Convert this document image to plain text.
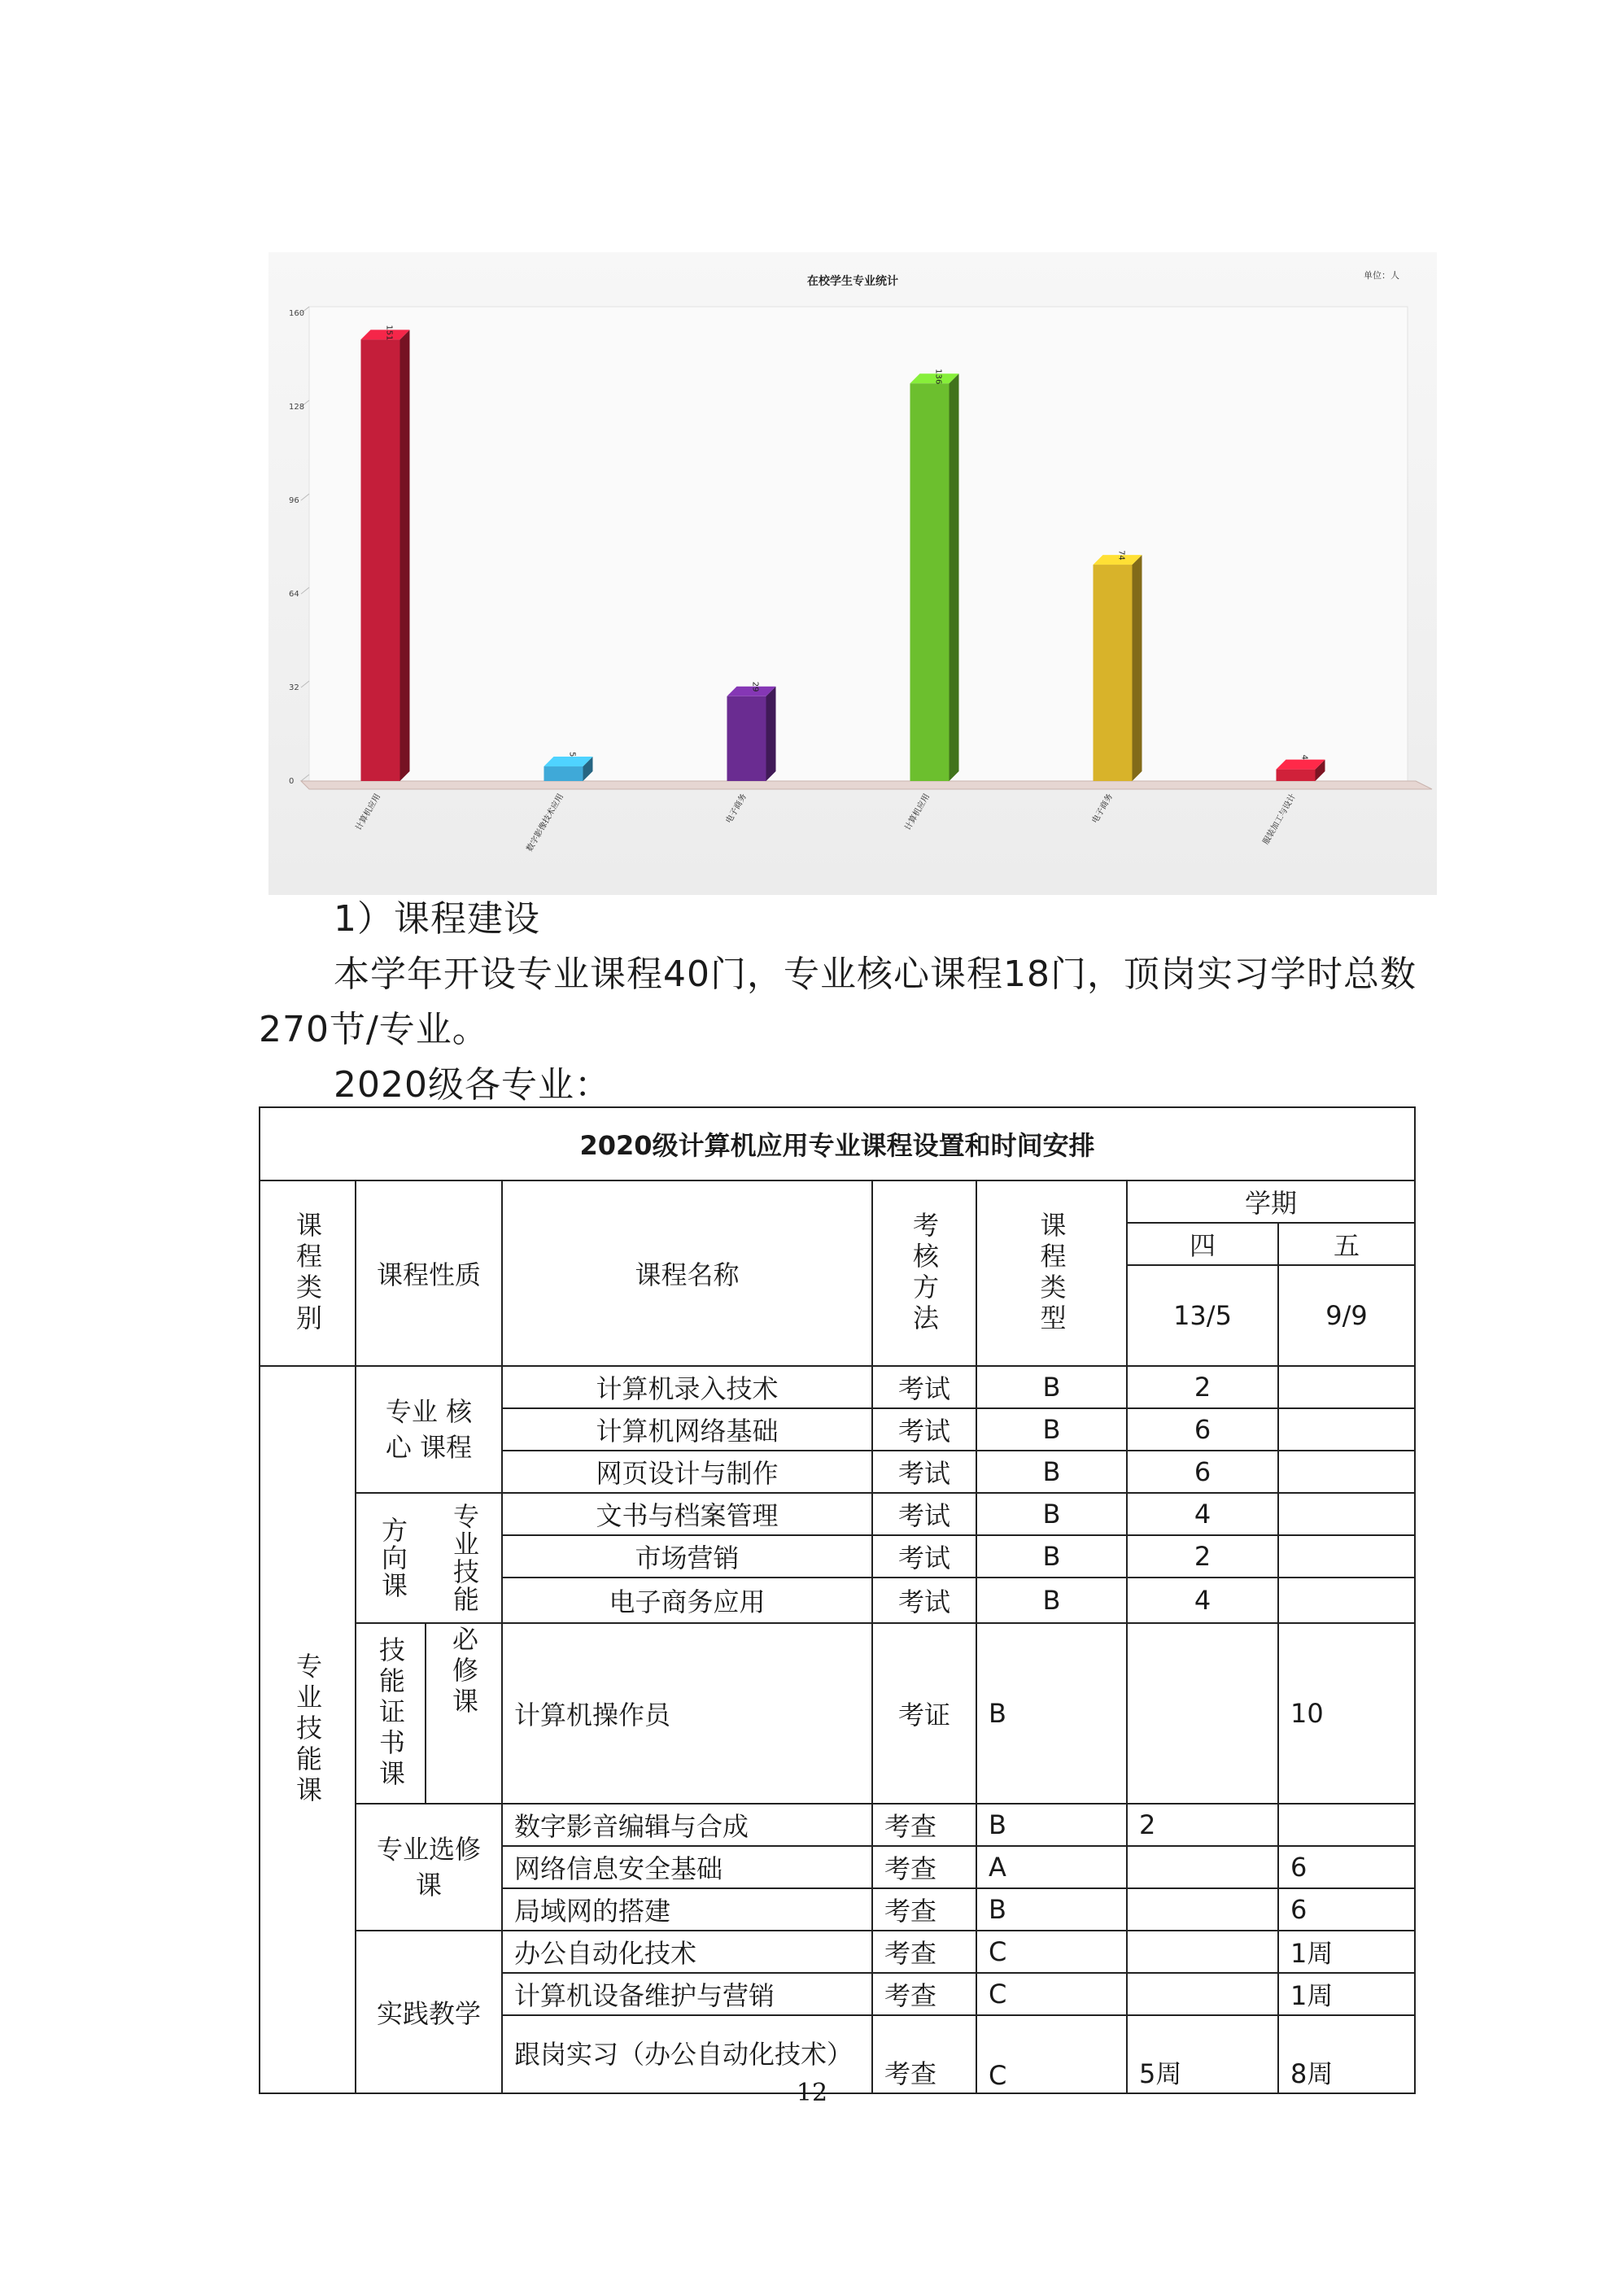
在校学生专业统计	单位：人
0
32
64
96
128
160
151
计算机应用
5
数字影像技术应用
29
电子商务
136
计算机应用
74
电子商务
4
服装加工与设计
1）课程建设
本学年开设专业课程40门，专业核心课程18门，顶岗实习学时总数
270节/专业。
2020级各专业：
2020级计算机应用专业课程设置和时间安排							

课程类别	课程性质		课程名称	考核方法	课程类型	学期	
						四	五
						13/5	9/9

专业技能课	专业 核心 课程		计算机录入技术	考试	B	2	
			计算机网络基础	考试	B	6	
			网页设计与制作	考试	B	6	

	方向课 专业技能		文书与档案管理	考试	B	4	
			市场营销	考试	B	2	
			电子商务应用	考试	B	4	

	技能证书课	必修课	计算机操作员	考证	B		10
	专业选修课		数字影音编辑与合成	考查	B	2	
			网络信息安全基础	考查	A		6
			局域网的搭建	考查	B		6
	实践教学		办公自动化技术	考查	C		1周
			计算机设备维护与营销	考查	C		1周
			跟岗实习（办公自动化技术）	考查	C	5周	8周
12
